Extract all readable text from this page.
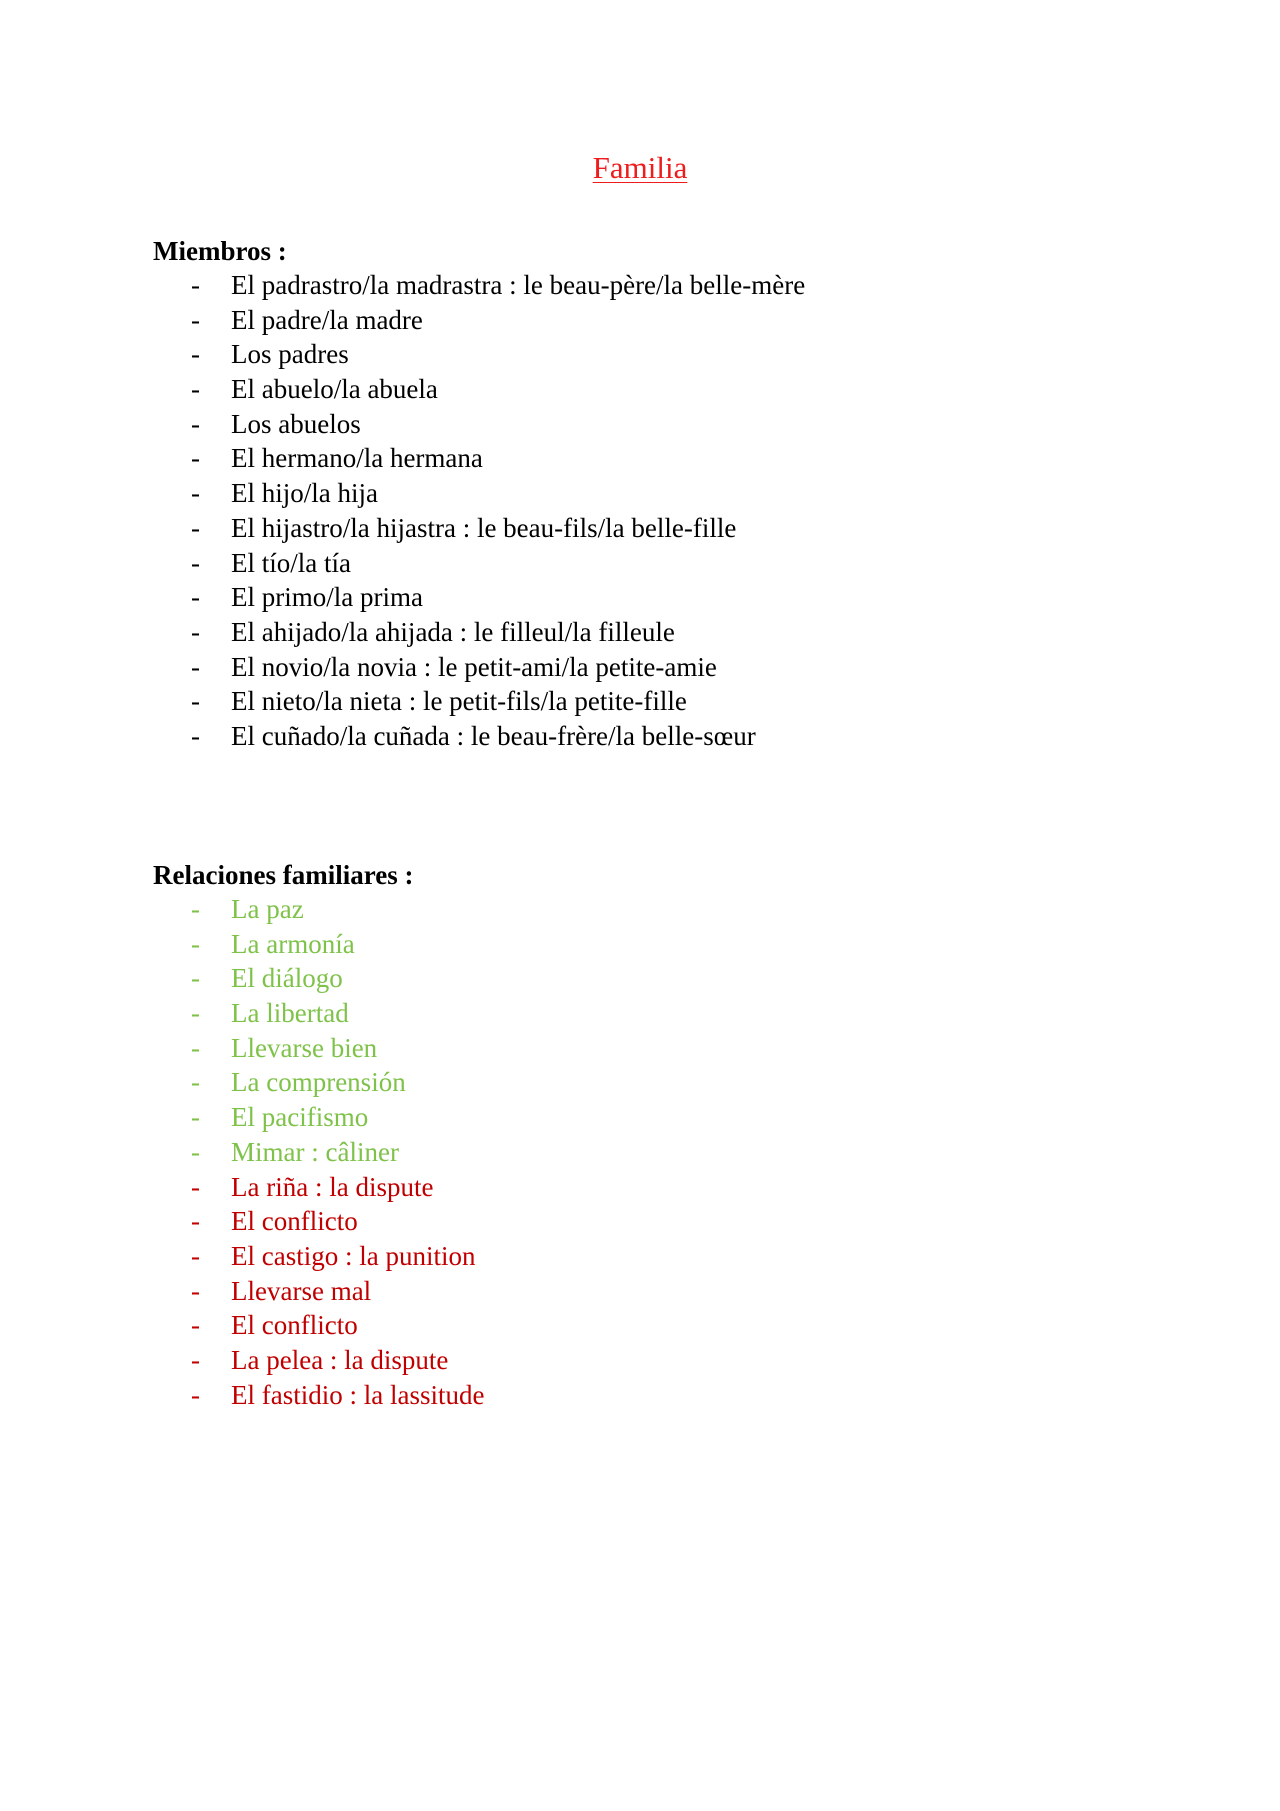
Familia
Miembros :
- El padrastro/la madrastra : le beau-père/la belle-mère
- El padre/la madre
- Los padres
- El abuelo/la abuela
- Los abuelos
- El hermano/la hermana
- El hijo/la hija
- El hijastro/la hijastra : le beau-fils/la belle-fille
- El tío/la tía
- El primo/la prima
- El ahijado/la ahijada : le filleul/la filleule
- El novio/la novia : le petit-ami/la petite-amie
- El nieto/la nieta : le petit-fils/la petite-fille
- El cuñado/la cuñada : le beau-frère/la belle-sœur
Relaciones familiares :
- La paz
- La armonía
- El diálogo
- La libertad
- Llevarse bien
- La comprensión
- El pacifismo
- Mimar : câliner
- La riña : la dispute
- El conflicto
- El castigo : la punition
- Llevarse mal
- El conflicto
- La pelea : la dispute
- El fastidio : la lassitude
